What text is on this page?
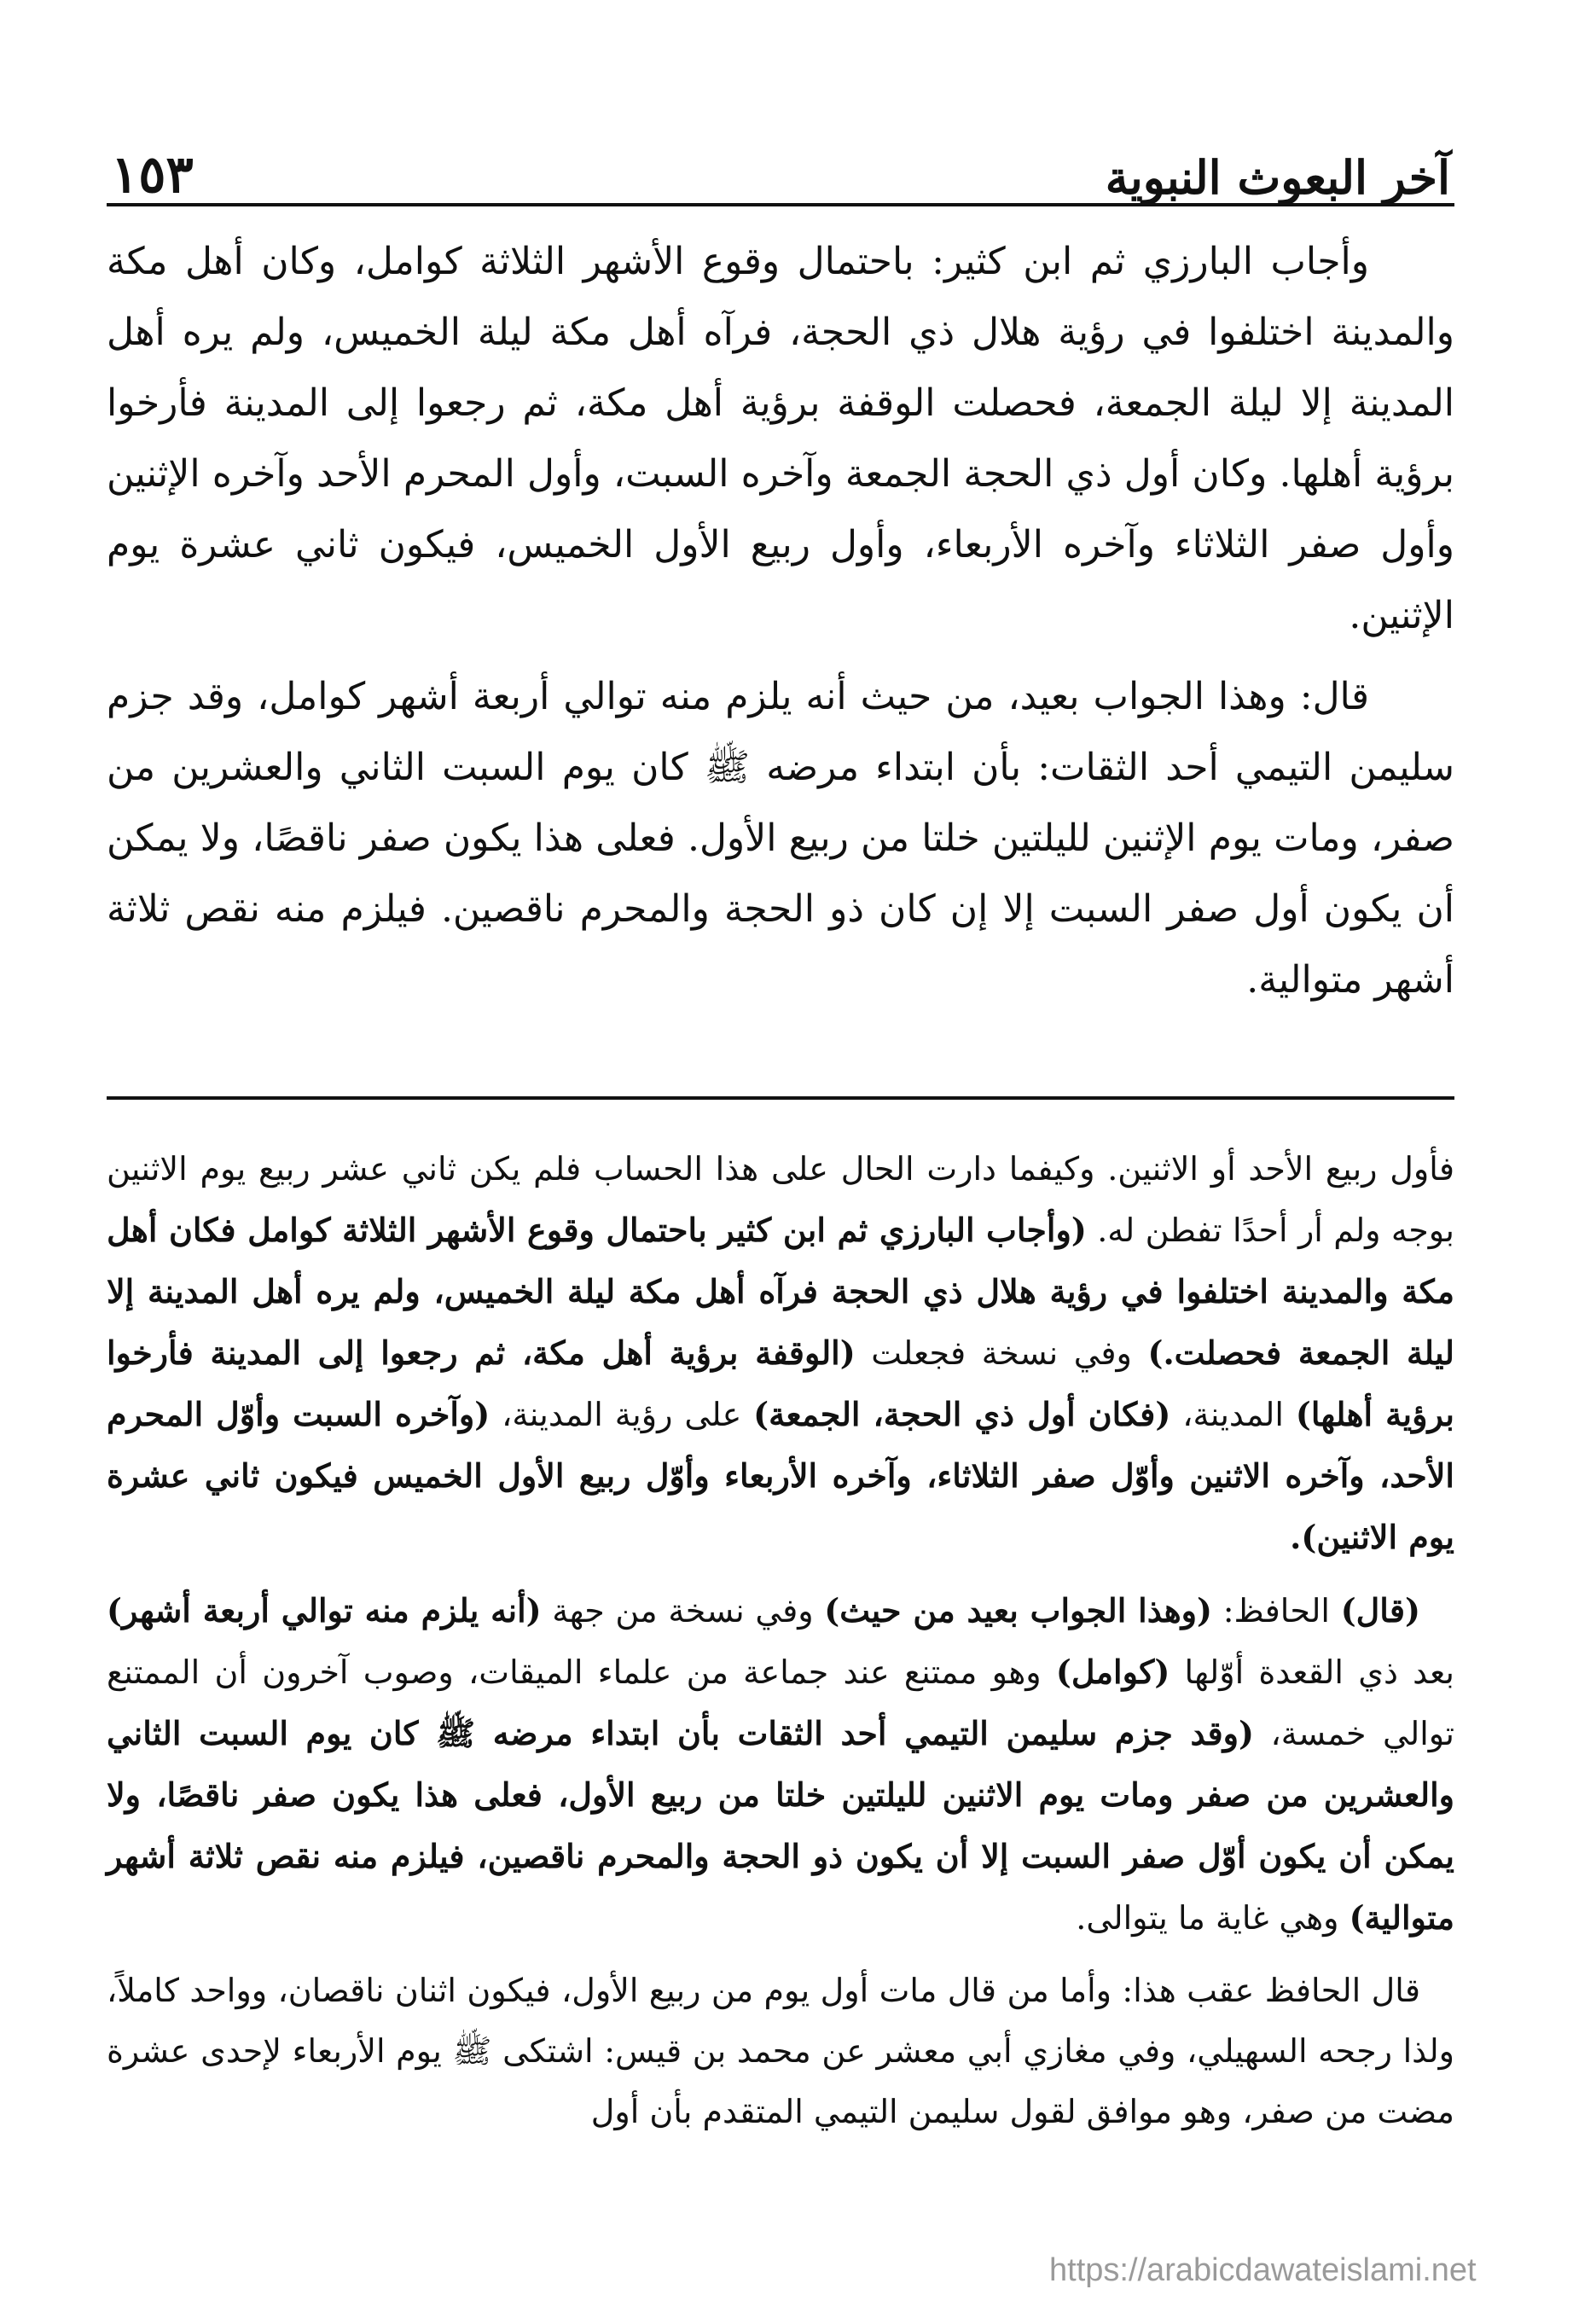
آخر البعوث النبوية
١٥٣

وأجاب البارزي ثم ابن كثير: باحتمال وقوع الأشهر الثلاثة كوامل، وكان أهل مكة والمدينة اختلفوا في رؤية هلال ذي الحجة، فرآه أهل مكة ليلة الخميس، ولم يره أهل المدينة إلا ليلة الجمعة، فحصلت الوقفة برؤية أهل مكة، ثم رجعوا إلى المدينة فأرخوا برؤية أهلها. وكان أول ذي الحجة الجمعة وآخره السبت، وأول المحرم الأحد وآخره الإثنين وأول صفر الثلاثاء وآخره الأربعاء، وأول ربيع الأول الخميس، فيكون ثاني عشرة يوم الإثنين.

قال: وهذا الجواب بعيد، من حيث أنه يلزم منه توالي أربعة أشهر كوامل، وقد جزم سليمن التيمي أحد الثقات: بأن ابتداء مرضه ﷺ كان يوم السبت الثاني والعشرين من صفر، ومات يوم الإثنين لليلتين خلتا من ربيع الأول. فعلى هذا يكون صفر ناقصًا، ولا يمكن أن يكون أول صفر السبت إلا إن كان ذو الحجة والمحرم ناقصين. فيلزم منه نقص ثلاثة أشهر متوالية.

فأول ربيع الأحد أو الاثنين. وكيفما دارت الحال على هذا الحساب فلم يكن ثاني عشر ربيع يوم الاثنين بوجه ولم أر أحدًا تفطن له. (وأجاب البارزي ثم ابن كثير باحتمال وقوع الأشهر الثلاثة كوامل فكان أهل مكة والمدينة اختلفوا في رؤية هلال ذي الحجة فرآه أهل مكة ليلة الخميس، ولم يره أهل المدينة إلا ليلة الجمعة فحصلت.) وفي نسخة فجعلت (الوقفة برؤية أهل مكة، ثم رجعوا إلى المدينة فأرخوا برؤية أهلها) المدينة، (فكان أول ذي الحجة، الجمعة) على رؤية المدينة، (وآخره السبت وأوّل المحرم الأحد، وآخره الاثنين وأوّل صفر الثلاثاء، وآخره الأربعاء وأوّل ربيع الأول الخميس فيكون ثاني عشرة يوم الاثنين).

(قال) الحافظ: (وهذا الجواب بعيد من حيث) وفي نسخة من جهة (أنه يلزم منه توالي أربعة أشهر) بعد ذي القعدة أوّلها (كوامل) وهو ممتنع عند جماعة من علماء الميقات، وصوب آخرون أن الممتنع توالي خمسة، (وقد جزم سليمن التيمي أحد الثقات بأن ابتداء مرضه ﷺ كان يوم السبت الثاني والعشرين من صفر ومات يوم الاثنين لليلتين خلتا من ربيع الأول، فعلى هذا يكون صفر ناقصًا، ولا يمكن أن يكون أوّل صفر السبت إلا أن يكون ذو الحجة والمحرم ناقصين، فيلزم منه نقص ثلاثة أشهر متوالية) وهي غاية ما يتوالى.

قال الحافظ عقب هذا: وأما من قال مات أول يوم من ربيع الأول، فيكون اثنان ناقصان، وواحد كاملاً، ولذا رجحه السهيلي، وفي مغازي أبي معشر عن محمد بن قيس: اشتكى ﷺ يوم الأربعاء لإحدى عشرة مضت من صفر، وهو موافق لقول سليمن التيمي المتقدم بأن أول

https://arabicdawateislami.net
